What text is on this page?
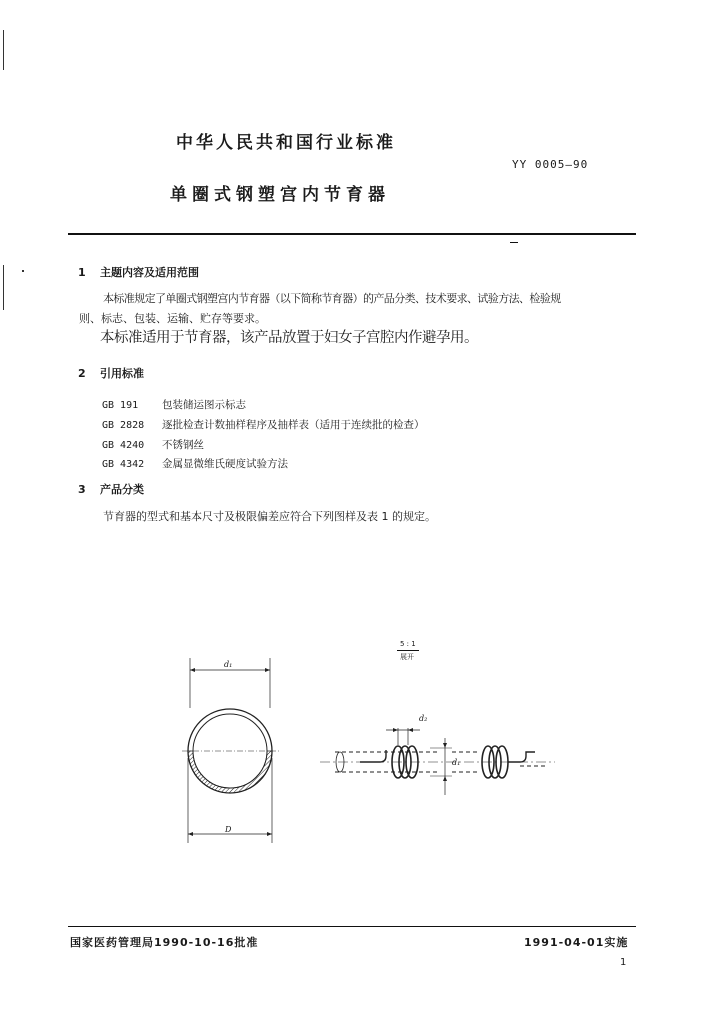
中华人民共和国行业标准
YY 0005—90
单圈式钢塑宫内节育器
1 主题内容及适用范围
本标准规定了单圈式钢塑宫内节育器（以下简称节育器）的产品分类、技术要求、试验方法、检验规
则、标志、包装、运输、贮存等要求。
本标准适用于节育器，该产品放置于妇女子宫腔内作避孕用。
2 引用标准
GB 191 包装储运图示标志
GB 2828 逐批检查计数抽样程序及抽样表（适用于连续批的检查）
GB 4240 不锈钢丝
GB 4342 金属显微维氏硬度试验方法
3 产品分类
节育器的型式和基本尺寸及极限偏差应符合下列图样及表 1 的规定。
d₁
D
5 : 1
展开
d₂
d₁
国家医药管理局1990-10-16批准	1991-04-01实施
1
